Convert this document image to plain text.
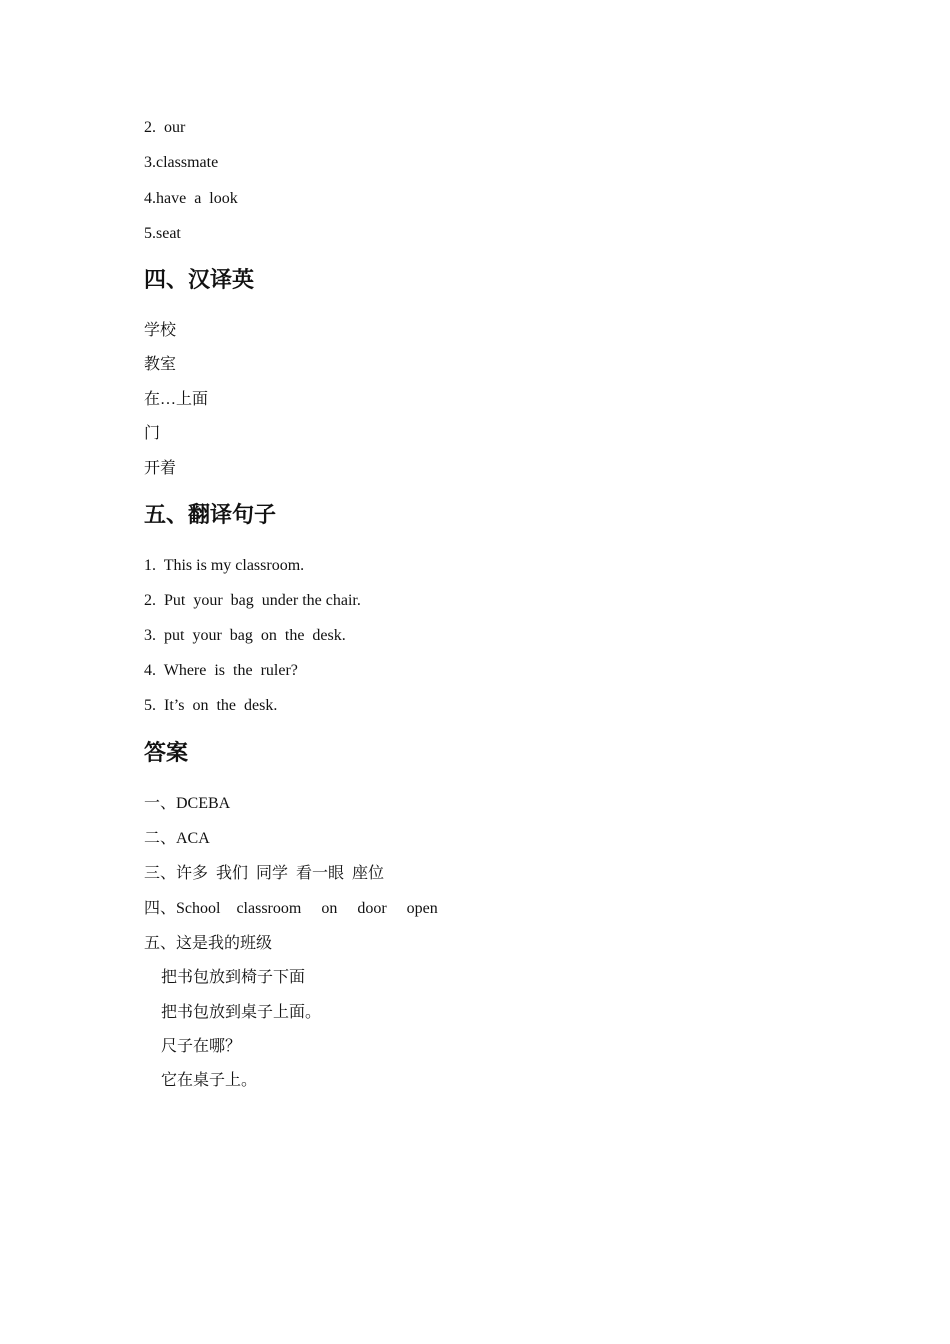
2.  our
3.classmate
4.have  a  look
5.seat
四、汉译英
学校
教室
在…上面
门
开着
五、翻译句子
1.  This is my classroom.
2.  Put  your  bag  under the chair.
3.  put  your  bag  on  the  desk.
4.  Where  is  the  ruler?
5.  It’s  on  the  desk.
答案
一、DCEBA
二、ACA
三、许多  我们  同学  看一眼  座位
四、School    classroom     on     door     open
五、这是我的班级
把书包放到椅子下面
把书包放到桌子上面。
尺子在哪？
它在桌子上。
